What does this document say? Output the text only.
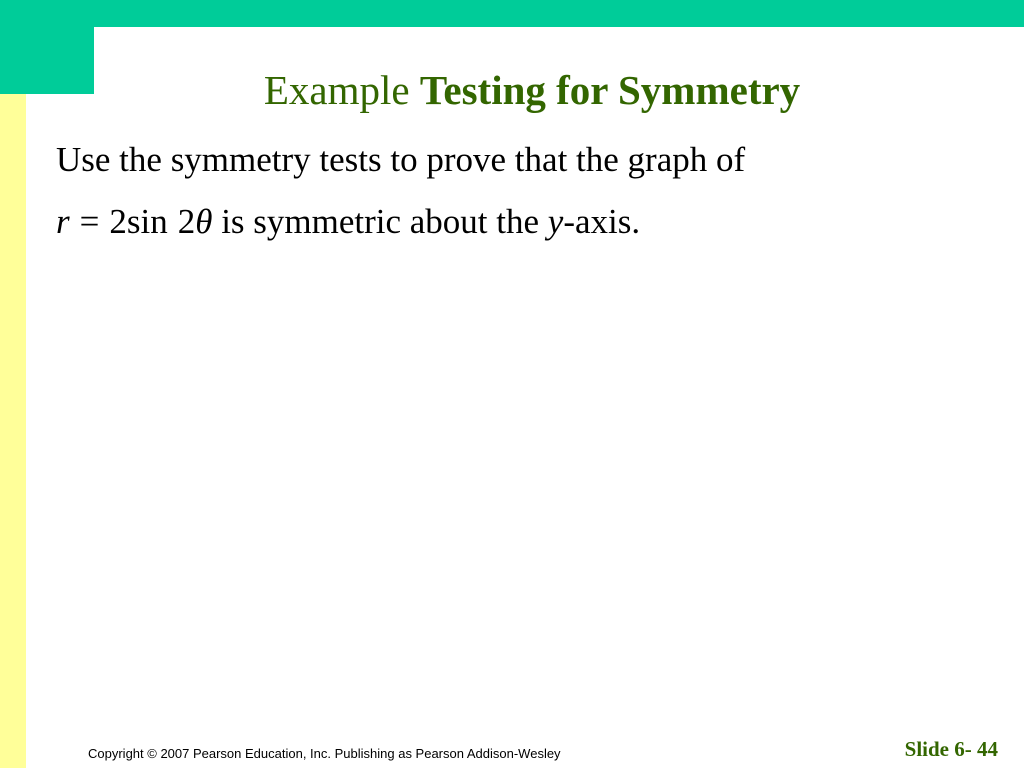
Example Testing for Symmetry
Use the symmetry tests to prove that the graph of
r = 2sin 2θ is symmetric about the y-axis.
Copyright © 2007 Pearson Education, Inc. Publishing as Pearson Addison-Wesley	Slide 6- 44
